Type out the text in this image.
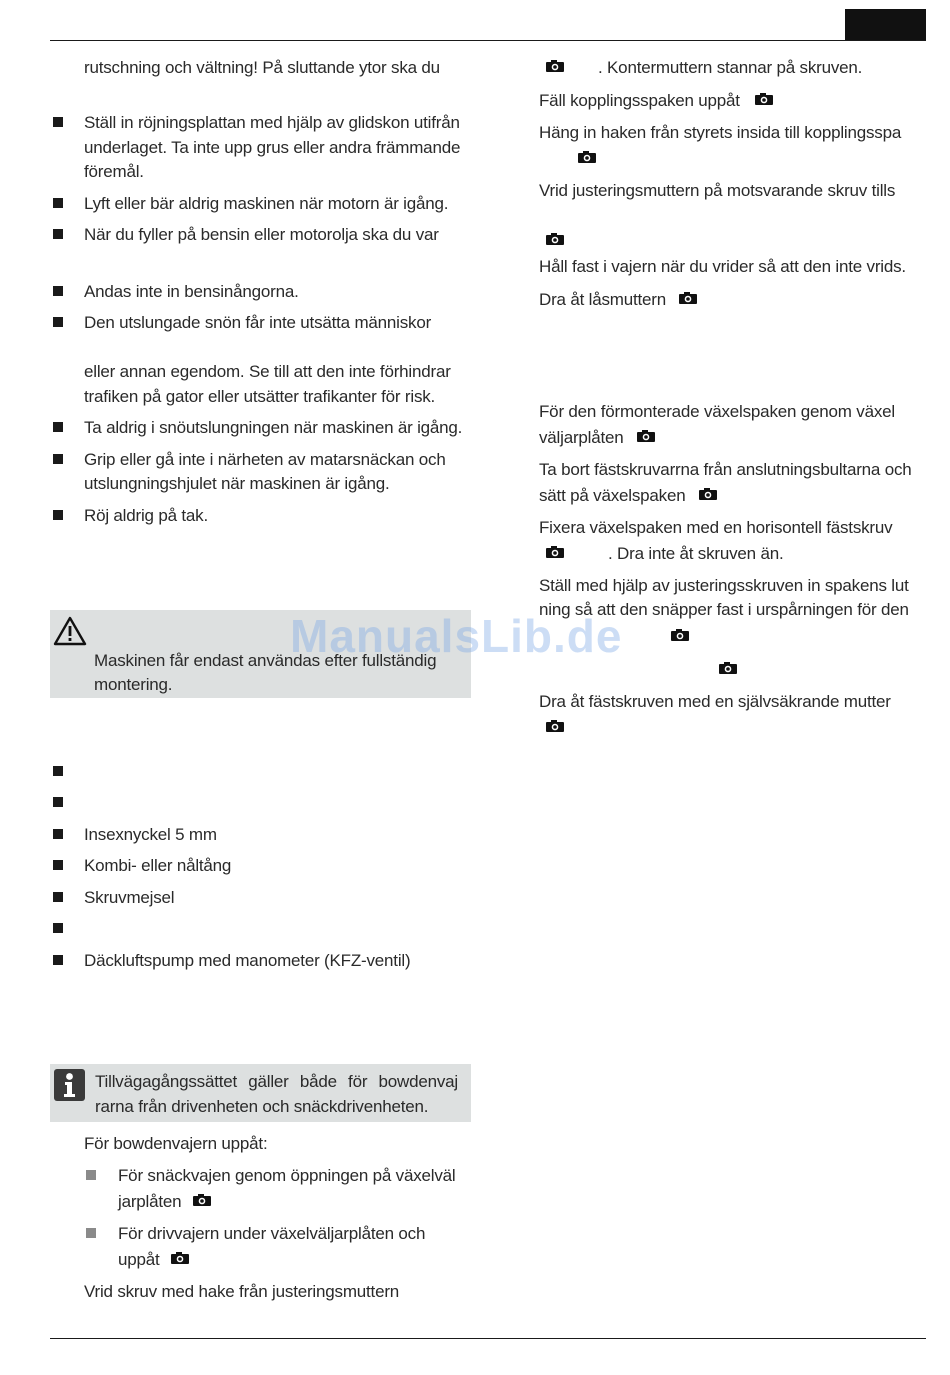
rutschning och vältning! På sluttande ytor ska du
Ställ in röjningsplattan med hjälp av glidskon utifrån
underlaget. Ta inte upp grus eller andra främmande
föremål.
Lyft eller bär aldrig maskinen när motorn är igång.
När du fyller på bensin eller motorolja ska du var
Andas inte in bensinångorna.
Den utslungade snön får inte utsätta människor
eller annan egendom. Se till att den inte förhindrar
trafiken på gator eller utsätter trafikanter för risk.
Ta aldrig i snöutslungningen när maskinen är igång.
Grip eller gå inte i närheten av matarsnäckan och
utslungningshjulet när maskinen är igång.
Röj aldrig på tak.
Maskinen får endast användas efter fullständig
montering.
Insexnyckel 5 mm
Kombi- eller nåltång
Skruvmejsel
Däckluftspump med manometer (KFZ-ventil)
Tillvägagångssättet gäller både för bowdenvaj
rarna från drivenheten och snäckdrivenheten.
För bowdenvajern uppåt:
För snäckvajen genom öppningen på växelväl
jarplåten
För drivvajern under växelväljarplåten och
uppåt
Vrid skruv med hake från justeringsmuttern
. Kontermuttern stannar på skruven.
Fäll kopplingsspaken uppåt
Häng in haken från styrets insida till kopplingsspa
Vrid justeringsmuttern på motsvarande skruv tills
Håll fast i vajern när du vrider så att den inte vrids.
Dra åt låsmuttern
För den förmonterade växelspaken genom växel
väljarplåten
Ta bort fästskruvarrna från anslutningsbultarna och
sätt på växelspaken
Fixera växelspaken med en horisontell fästskruv
. Dra inte åt skruven än.
Ställ med hjälp av justeringsskruven in spakens lut
ning så att den snäpper fast i urspårningen för den
Dra åt fästskruven med en självsäkrande mutter
ManualsLib.de
